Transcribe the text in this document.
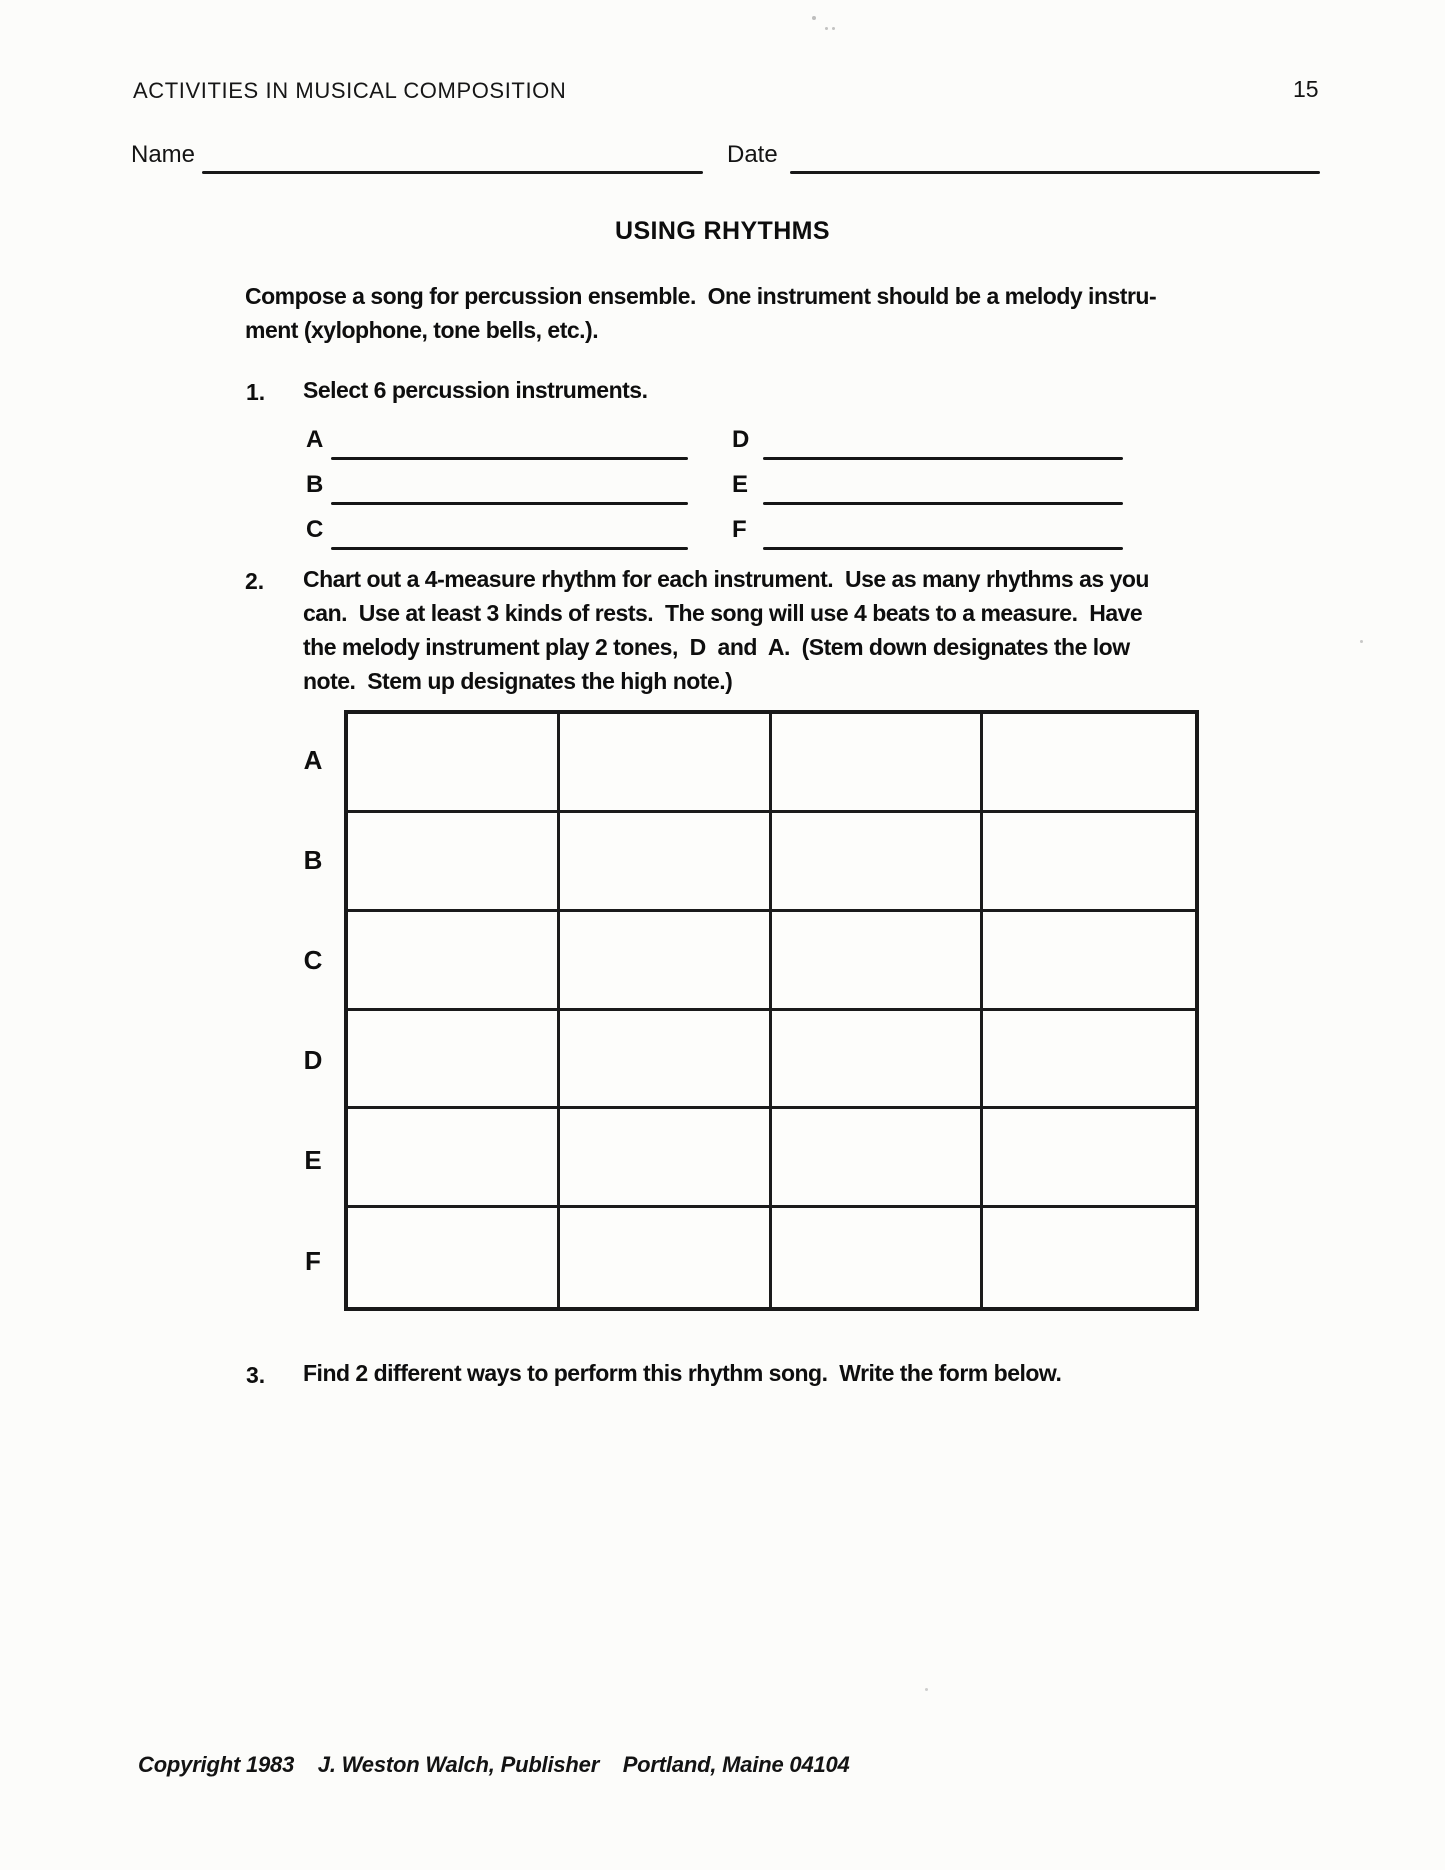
ACTIVITIES IN MUSICAL COMPOSITION	15
Name	Date
USING RHYTHMS
Compose a song for percussion ensemble.  One instrument should be a melody instru-
ment (xylophone, tone bells, etc.).
1. Select 6 percussion instruments.
A
B
C
D
E
F
2. Chart out a 4-measure rhythm for each instrument.  Use as many rhythms as you
can.  Use at least 3 kinds of rests.  The song will use 4 beats to a measure.  Have
the melody instrument play 2 tones,  D  and  A.  (Stem down designates the low
note.  Stem up designates the high note.)
A
B
C
D
E
F
3. Find 2 different ways to perform this rhythm song.  Write the form below.
Copyright 1983    J. Weston Walch, Publisher    Portland, Maine 04104
